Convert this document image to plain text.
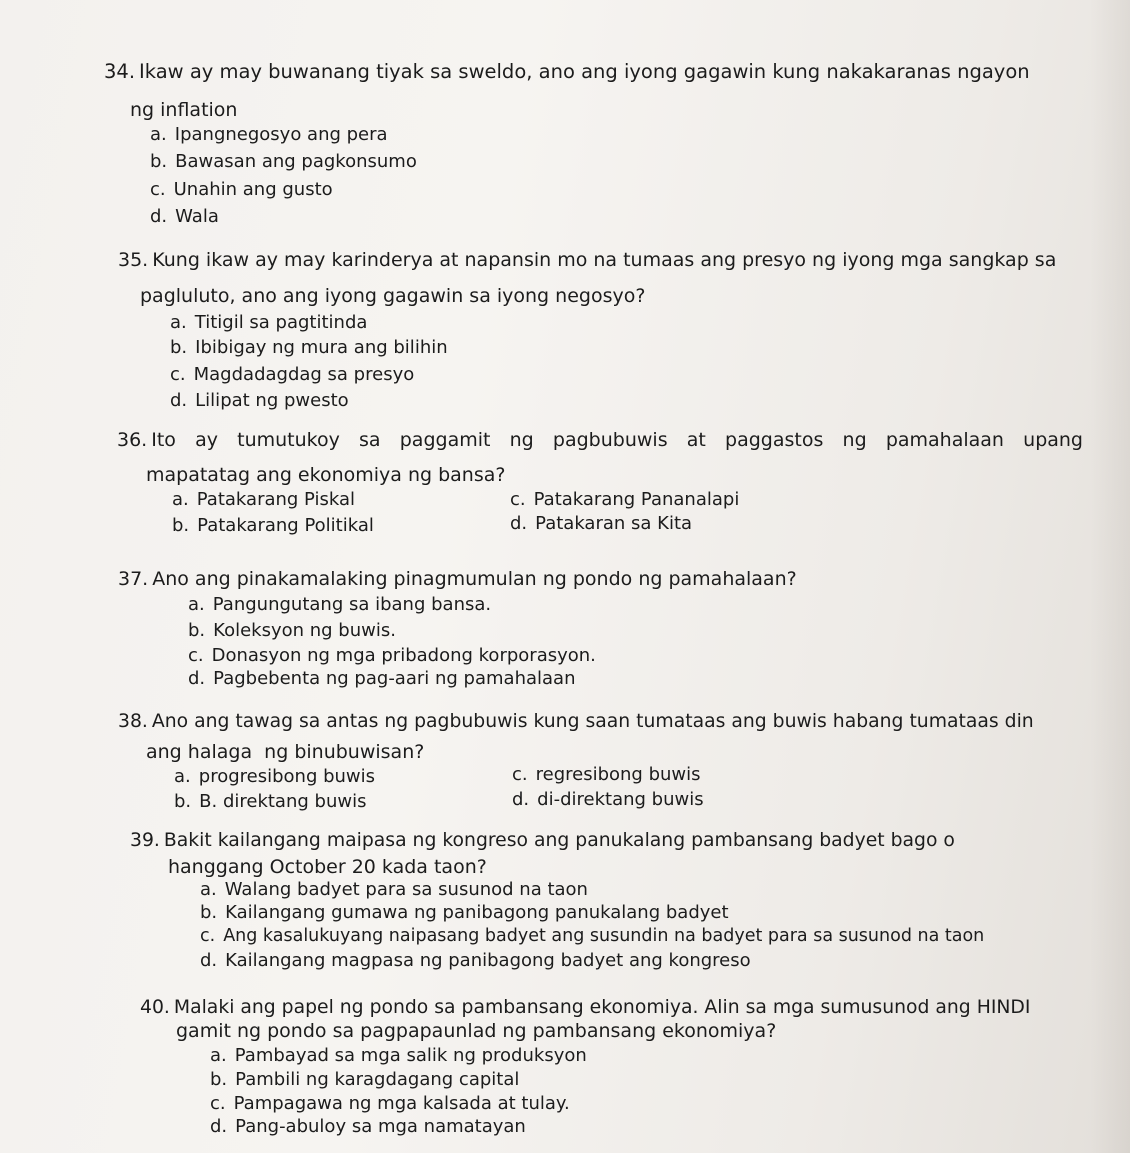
34. Ikaw ay may buwanang tiyak sa sweldo, ano ang iyong gagawin kung nakakaranas ngayon
ng inflation
a. Ipangnegosyo ang pera
b. Bawasan ang pagkonsumo
c. Unahin ang gusto
d. Wala
35. Kung ikaw ay may karinderya at napansin mo na tumaas ang presyo ng iyong mga sangkap sa
pagluluto, ano ang iyong gagawin sa iyong negosyo?
a. Titigil sa pagtitinda
b. Ibibigay ng mura ang bilihin
c. Magdadagdag sa presyo
d. Lilipat ng pwesto
36. Ito ay tumutukoy sa paggamit ng pagbubuwis at paggastos ng pamahalaan upang
mapatatag ang ekonomiya ng bansa?
a. Patakarang Piskal	c. Patakarang Pananalapi
b. Patakarang Politikal	d. Patakaran sa Kita
37. Ano ang pinakamalaking pinagmumulan ng pondo ng pamahalaan?
a. Pangungutang sa ibang bansa.
b. Koleksyon ng buwis.
c. Donasyon ng mga pribadong korporasyon.
d. Pagbebenta ng pag-aari ng pamahalaan
38. Ano ang tawag sa antas ng pagbubuwis kung saan tumataas ang buwis habang tumataas din
ang halaga  ng binubuwisan?
a. progresibong buwis	c. regresibong buwis
b. B. direktang buwis	d. di-direktang buwis
39. Bakit kailangang maipasa ng kongreso ang panukalang pambansang badyet bago o
hanggang October 20 kada taon?
a. Walang badyet para sa susunod na taon
b. Kailangang gumawa ng panibagong panukalang badyet
c. Ang kasalukuyang naipasang badyet ang susundin na badyet para sa susunod na taon
d. Kailangang magpasa ng panibagong badyet ang kongreso
40. Malaki ang papel ng pondo sa pambansang ekonomiya. Alin sa mga sumusunod ang HINDI
gamit ng pondo sa pagpapaunlad ng pambansang ekonomiya?
a. Pambayad sa mga salik ng produksyon
b. Pambili ng karagdagang capital
c. Pampagawa ng mga kalsada at tulay.
d. Pang-abuloy sa mga namatayan
